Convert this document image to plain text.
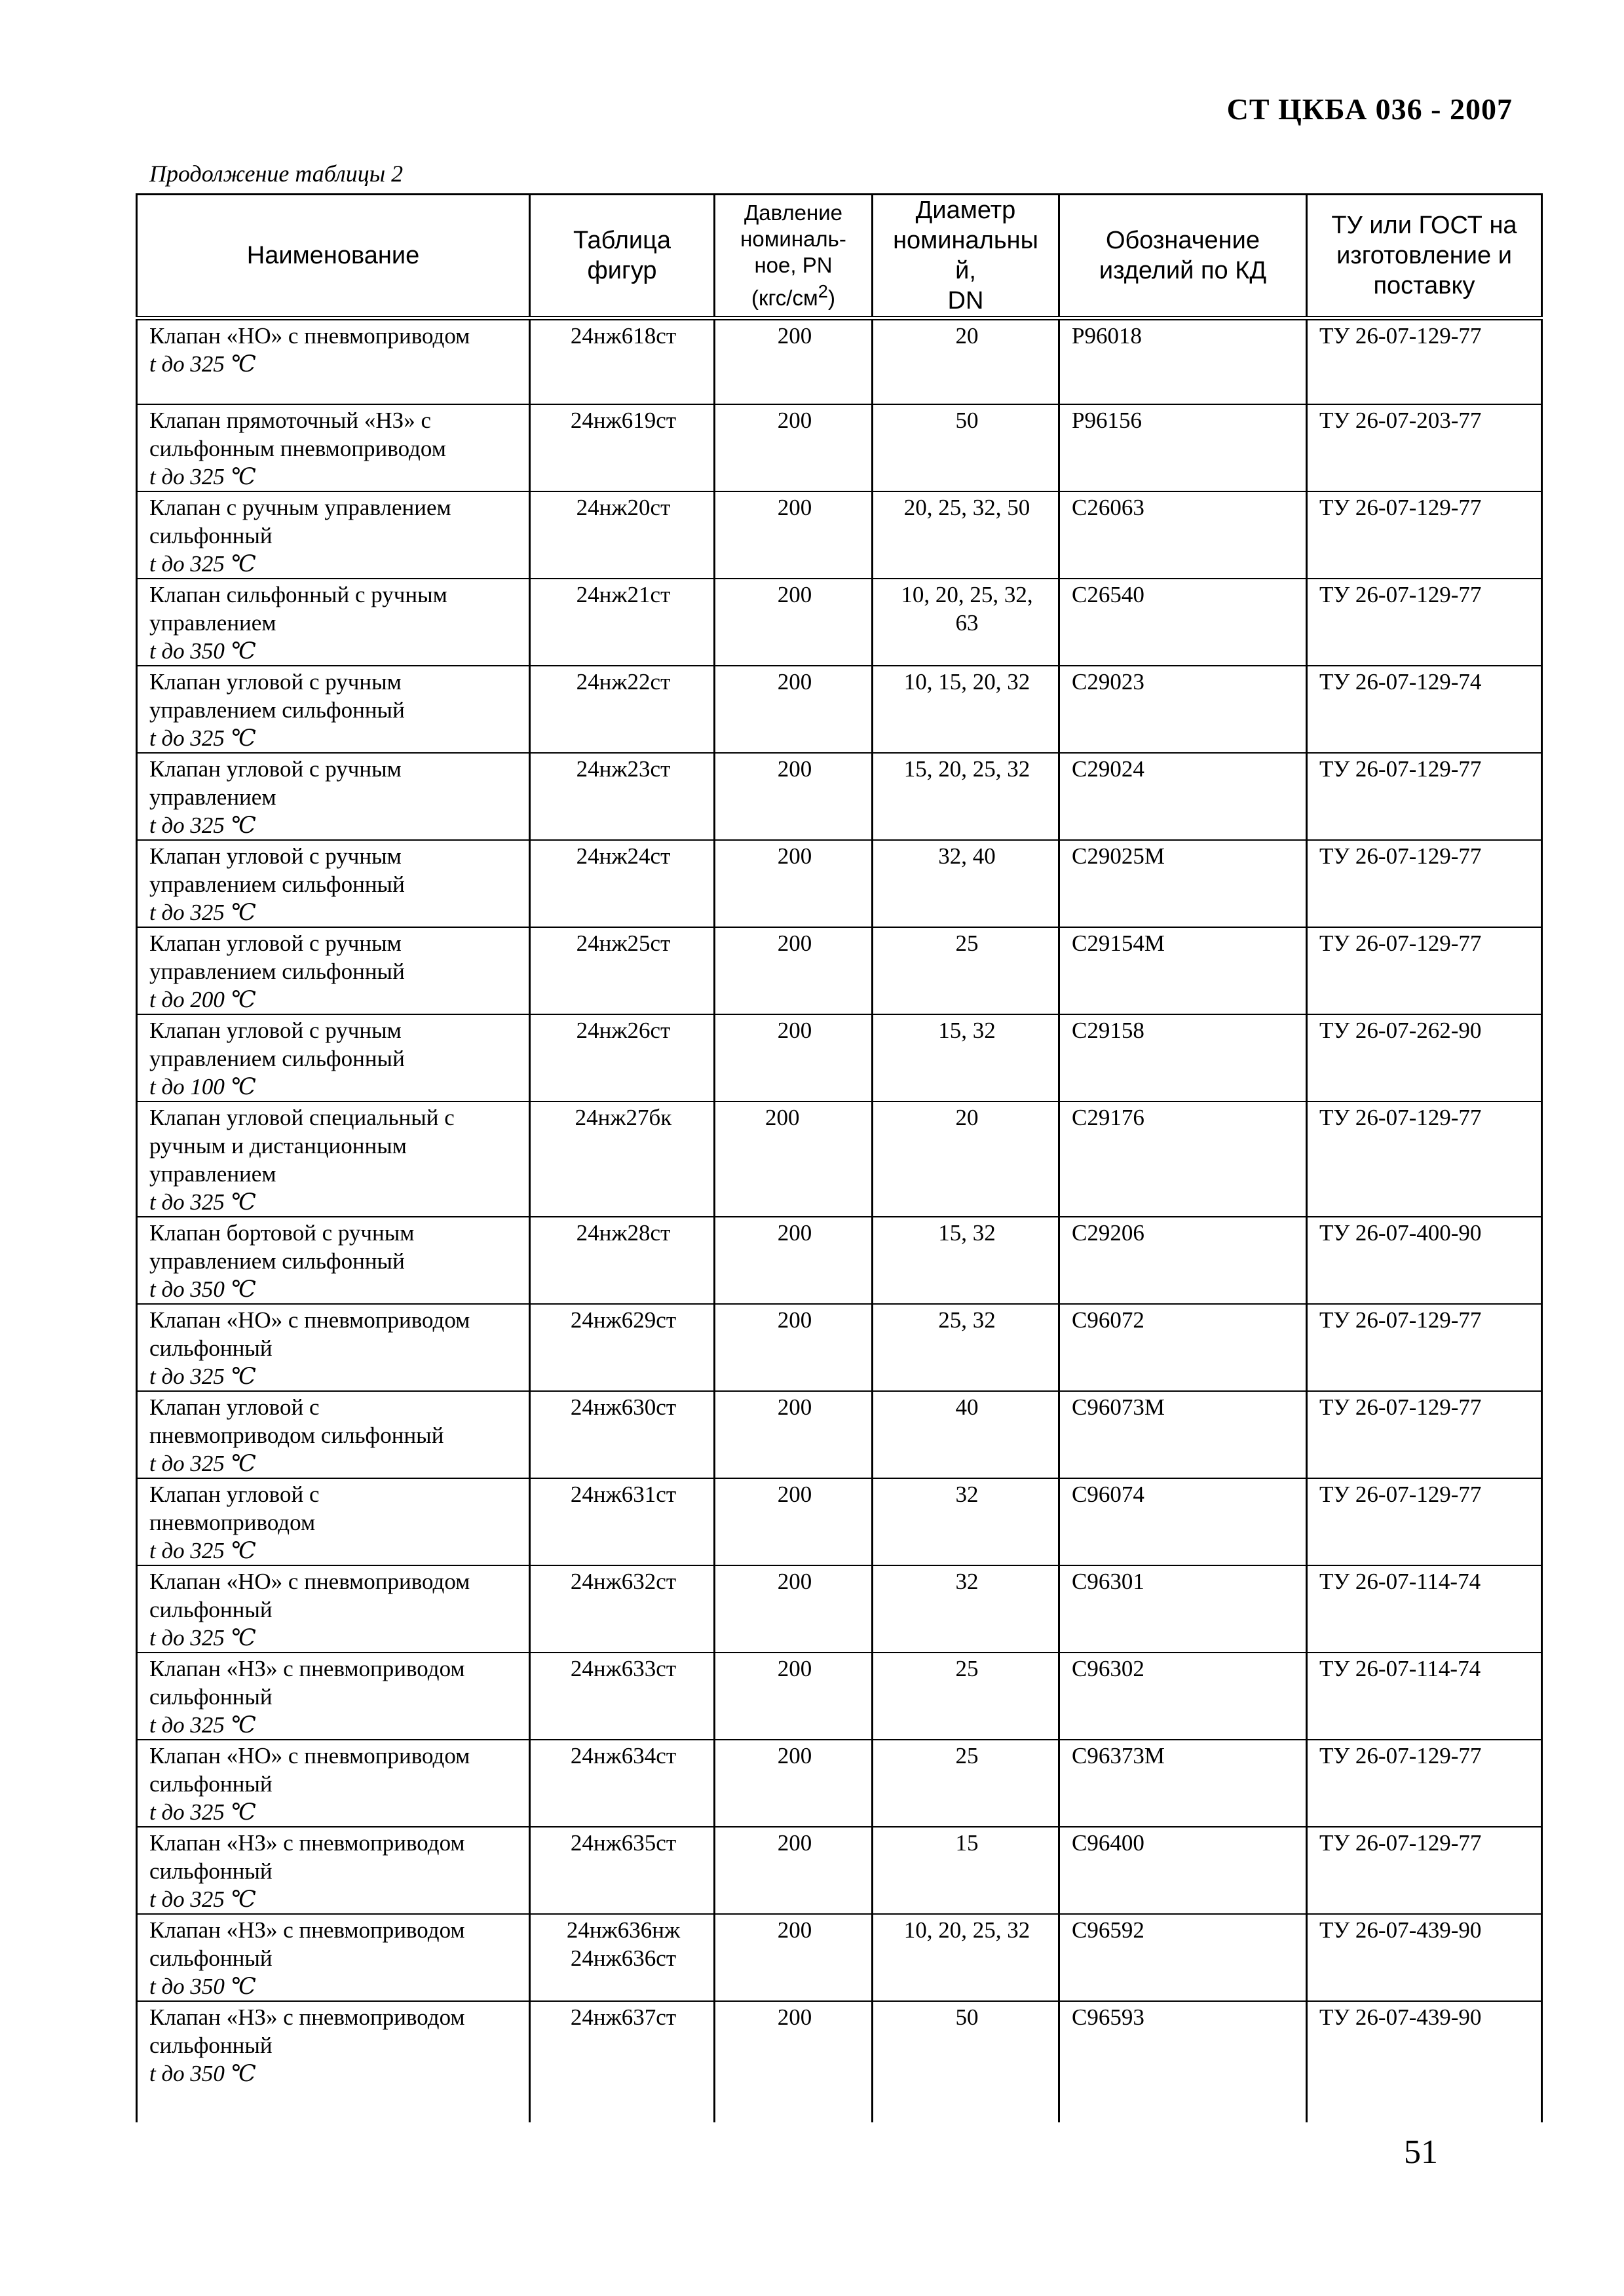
СТ ЦКБА 036 - 2007
Продолжение таблицы 2
Наименование	Таблица фигур	Давление
номиналь-
ное, PN
$(кгс/см^2)$	Диаметр
номинальны
й,
DN	Обозначение изделий по КД	ТУ или ГОСТ на изготовление и поставку

Клапан «НО» с пневмоприводом
t до 325 ℃	24нж618ст	200	20	Р96018	ТУ 26-07-129-77

Клапан прямоточный «НЗ» с
сильфонным пневмоприводом
t до 325 ℃	24нж619ст	200	50	Р96156	ТУ 26-07-203-77

Клапан с ручным управлением
сильфонный
t до 325 ℃	24нж20ст	200	20, 25, 32, 50	С26063	ТУ 26-07-129-77

Клапан сильфонный с ручным
управлением
t до 350 ℃	24нж21ст	200	10, 20, 25, 32,
63	С26540	ТУ 26-07-129-77

Клапан угловой с ручным
управлением сильфонный
t до 325 ℃	24нж22ст	200	10, 15, 20, 32	С29023	ТУ 26-07-129-74

Клапан угловой с ручным
управлением
t до 325 ℃	24нж23ст	200	15, 20, 25, 32	С29024	ТУ 26-07-129-77

Клапан угловой с ручным
управлением сильфонный
t до 325 ℃	24нж24ст	200	32, 40	С29025М	ТУ 26-07-129-77

Клапан угловой с ручным
управлением сильфонный
t до 200 ℃	24нж25ст	200	25	С29154М	ТУ 26-07-129-77

Клапан угловой с ручным
управлением сильфонный
t до 100 ℃	24нж26ст	200	15, 32	С29158	ТУ 26-07-262-90

Клапан угловой специальный с
ручным и дистанционным
управлением
t до 325 ℃	24нж27бк	200	20	С29176	ТУ 26-07-129-77

Клапан бортовой с ручным
управлением сильфонный
t до 350 ℃	24нж28ст	200	15, 32	С29206	ТУ 26-07-400-90

Клапан «НО» с пневмоприводом
сильфонный
t до 325 ℃	24нж629ст	200	25, 32	С96072	ТУ 26-07-129-77

Клапан угловой с
пневмоприводом сильфонный
t до 325 ℃	24нж630ст	200	40	С96073М	ТУ 26-07-129-77

Клапан угловой с
пневмоприводом
t до 325 ℃	24нж631ст	200	32	С96074	ТУ 26-07-129-77

Клапан «НО» с пневмоприводом
сильфонный
t до 325 ℃	24нж632ст	200	32	С96301	ТУ 26-07-114-74

Клапан «НЗ» с пневмоприводом
сильфонный
t до 325 ℃	24нж633ст	200	25	С96302	ТУ 26-07-114-74

Клапан «НО» с пневмоприводом
сильфонный
t до 325 ℃	24нж634ст	200	25	С96373М	ТУ 26-07-129-77

Клапан «НЗ» с пневмоприводом
сильфонный
t до 325 ℃	24нж635ст	200	15	С96400	ТУ 26-07-129-77

Клапан «НЗ» с пневмоприводом
сильфонный
t до 350 ℃	24нж636нж
24нж636ст	200	10, 20, 25, 32	С96592	ТУ 26-07-439-90

Клапан «НЗ» с пневмоприводом
сильфонный
t до 350 ℃	24нж637ст	200	50	С96593	ТУ 26-07-439-90
51
